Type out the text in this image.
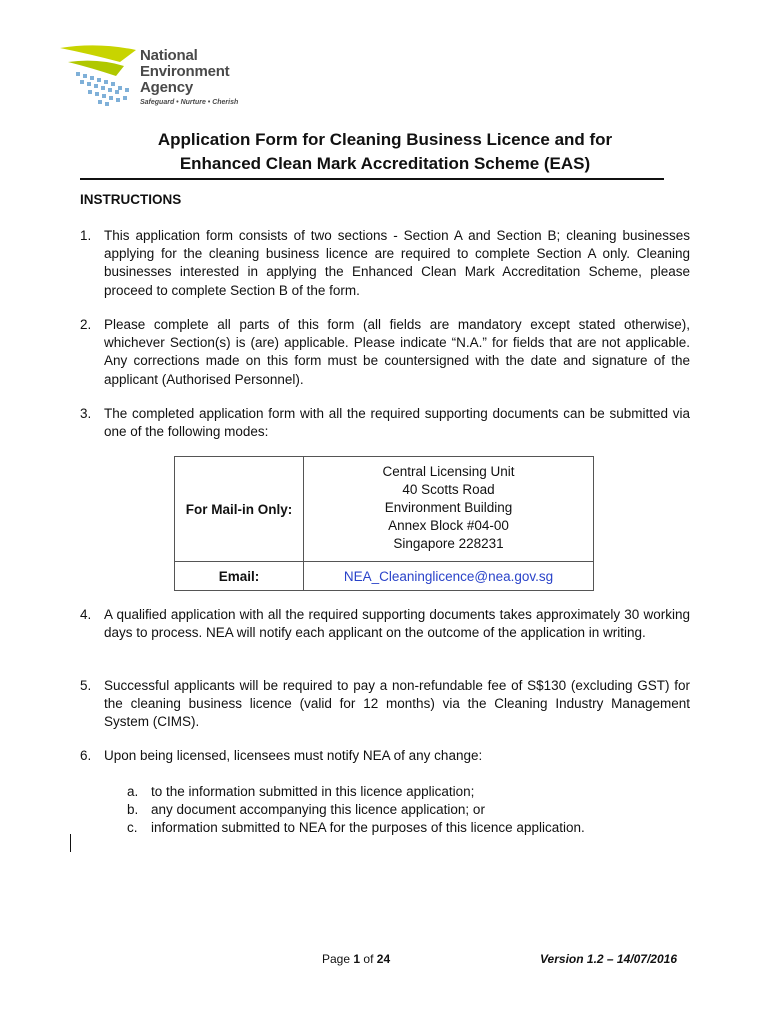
National
Environment
Agency
Safeguard • Nurture • Cherish
Application Form for Cleaning Business Licence and for
Enhanced Clean Mark Accreditation Scheme (EAS)
INSTRUCTIONS
1. This application form consists of two sections - Section A and Section B; cleaning businesses applying for the cleaning business licence are required to complete Section A only. Cleaning businesses interested in applying the Enhanced Clean Mark Accreditation Scheme, please proceed to complete Section B of the form.
2. Please complete all parts of this form (all fields are mandatory except stated otherwise), whichever Section(s) is (are) applicable. Please indicate “N.A.” for fields that are not applicable. Any corrections made on this form must be countersigned with the date and signature of the applicant (Authorised Personnel).
3. The completed application form with all the required supporting documents can be submitted via one of the following modes:
For Mail-in Only:	Central Licensing Unit
40 Scotts Road
Environment Building
Annex Block #04-00
Singapore 228231

Email:	NEA_Cleaninglicence@nea.gov.sg
4. A qualified application with all the required supporting documents takes approximately 30 working days to process. NEA will notify each applicant on the outcome of the application in writing.
5. Successful applicants will be required to pay a non-refundable fee of S$130 (excluding GST) for the cleaning business licence (valid for 12 months) via the Cleaning Industry Management System (CIMS).
6. Upon being licensed, licensees must notify NEA of any change:
a. to the information submitted in this licence application;
b. any document accompanying this licence application; or
c. information submitted to NEA for the purposes of this licence application.
Page 1 of 24	Version 1.2 – 14/07/2016
